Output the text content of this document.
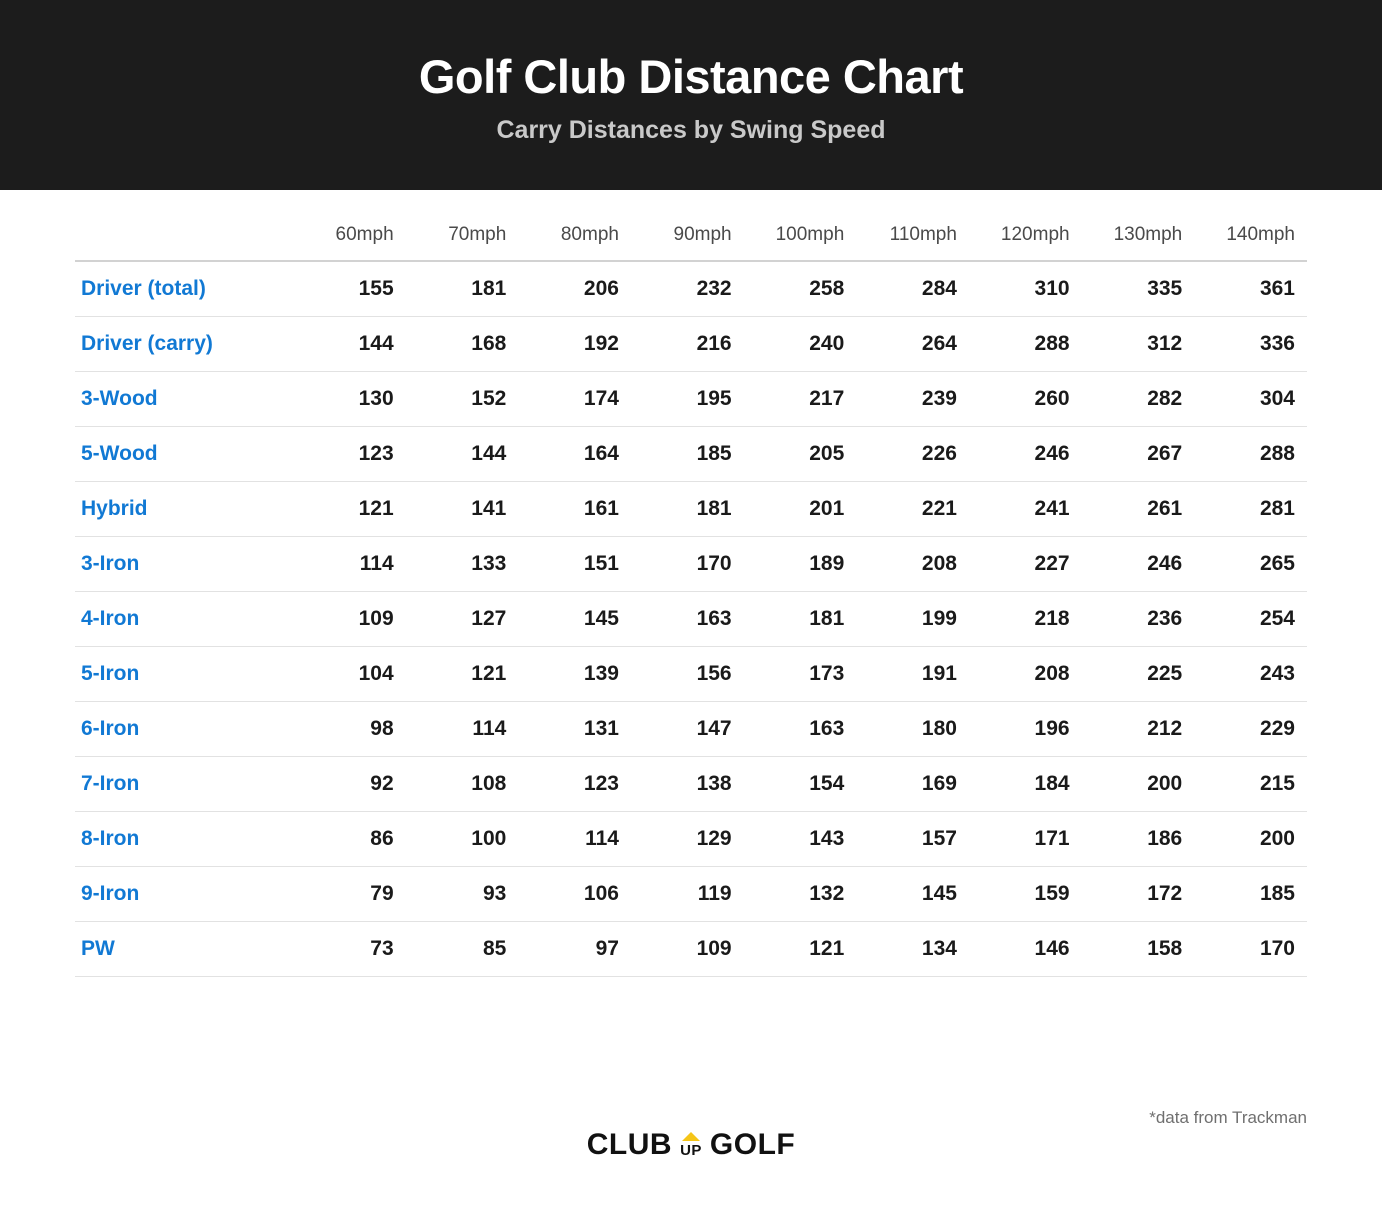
Golf Club Distance Chart
Carry Distances by Swing Speed
	60mph	70mph	80mph	90mph	100mph	110mph	120mph	130mph	140mph
Driver (total)	155	181	206	232	258	284	310	335	361
Driver (carry)	144	168	192	216	240	264	288	312	336
3-Wood	130	152	174	195	217	239	260	282	304
5-Wood	123	144	164	185	205	226	246	267	288
Hybrid	121	141	161	181	201	221	241	261	281
3-Iron	114	133	151	170	189	208	227	246	265
4-Iron	109	127	145	163	181	199	218	236	254
5-Iron	104	121	139	156	173	191	208	225	243
6-Iron	98	114	131	147	163	180	196	212	229
7-Iron	92	108	123	138	154	169	184	200	215
8-Iron	86	100	114	129	143	157	171	186	200
9-Iron	79	93	106	119	132	145	159	172	185
PW	73	85	97	109	121	134	146	158	170
*data from Trackman
CLUB UP GOLF
